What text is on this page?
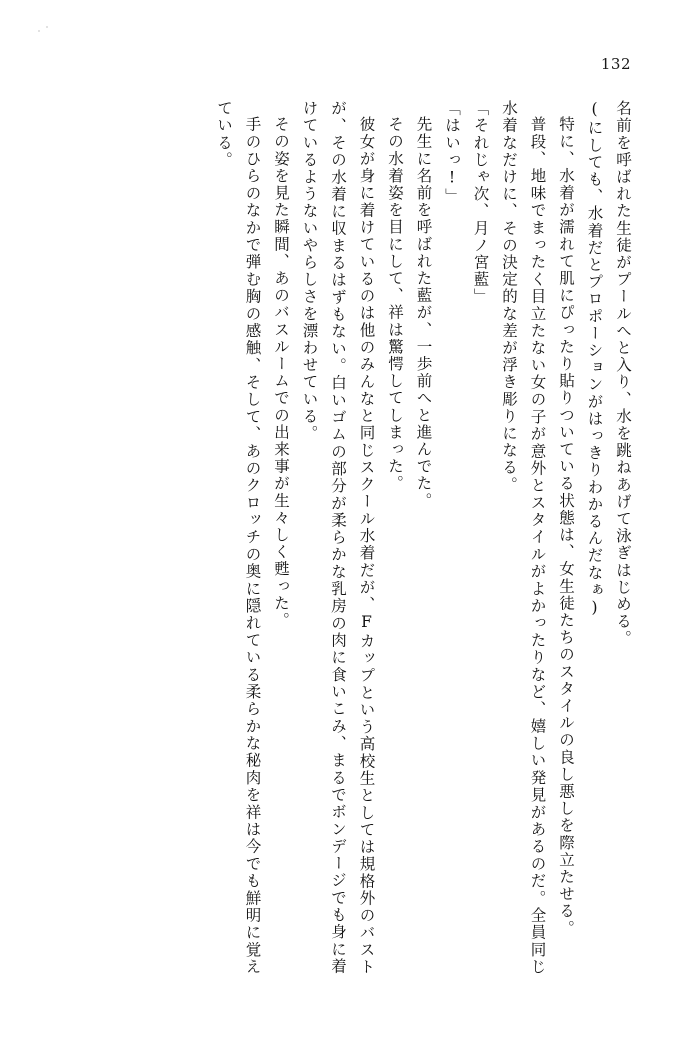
132

名前を呼ばれた生徒がプールへと入り、水を跳ねあげて泳ぎはじめる。

(にしても、水着だとプロポーションがはっきりわかるんだなぁ)

特に、水着が濡れて肌にぴったり貼りついている状態は、女生徒たちのスタイルの良し悪しを際立たせる。

普段、地味でまったく目立たない女の子が意外とスタイルがよかったりなど、嬉しい発見があるのだ。全員同じ水着なだけに、その決定的な差が浮き彫りになる。

「それじゃ次、月ノ宮藍」

「はいっ!」

先生に名前を呼ばれた藍が、一歩前へと進んでた。

その水着姿を目にして、祥は驚愕してしまった。

彼女が身に着けているのは他のみんなと同じスクール水着だが、Fカップという高校生としては規格外のバストが、その水着に収まるはずもない。白いゴムの部分が柔らかな乳房の肉に食いこみ、まるでボンデージでも身に着けているようないやらしさを漂わせている。

その姿を見た瞬間、あのバスルームでの出来事が生々しく甦った。

手のひらのなかで弾む胸の感触、そして、あのクロッチの奥に隠れている柔らかな秘肉を祥は今でも鮮明に覚えている。
